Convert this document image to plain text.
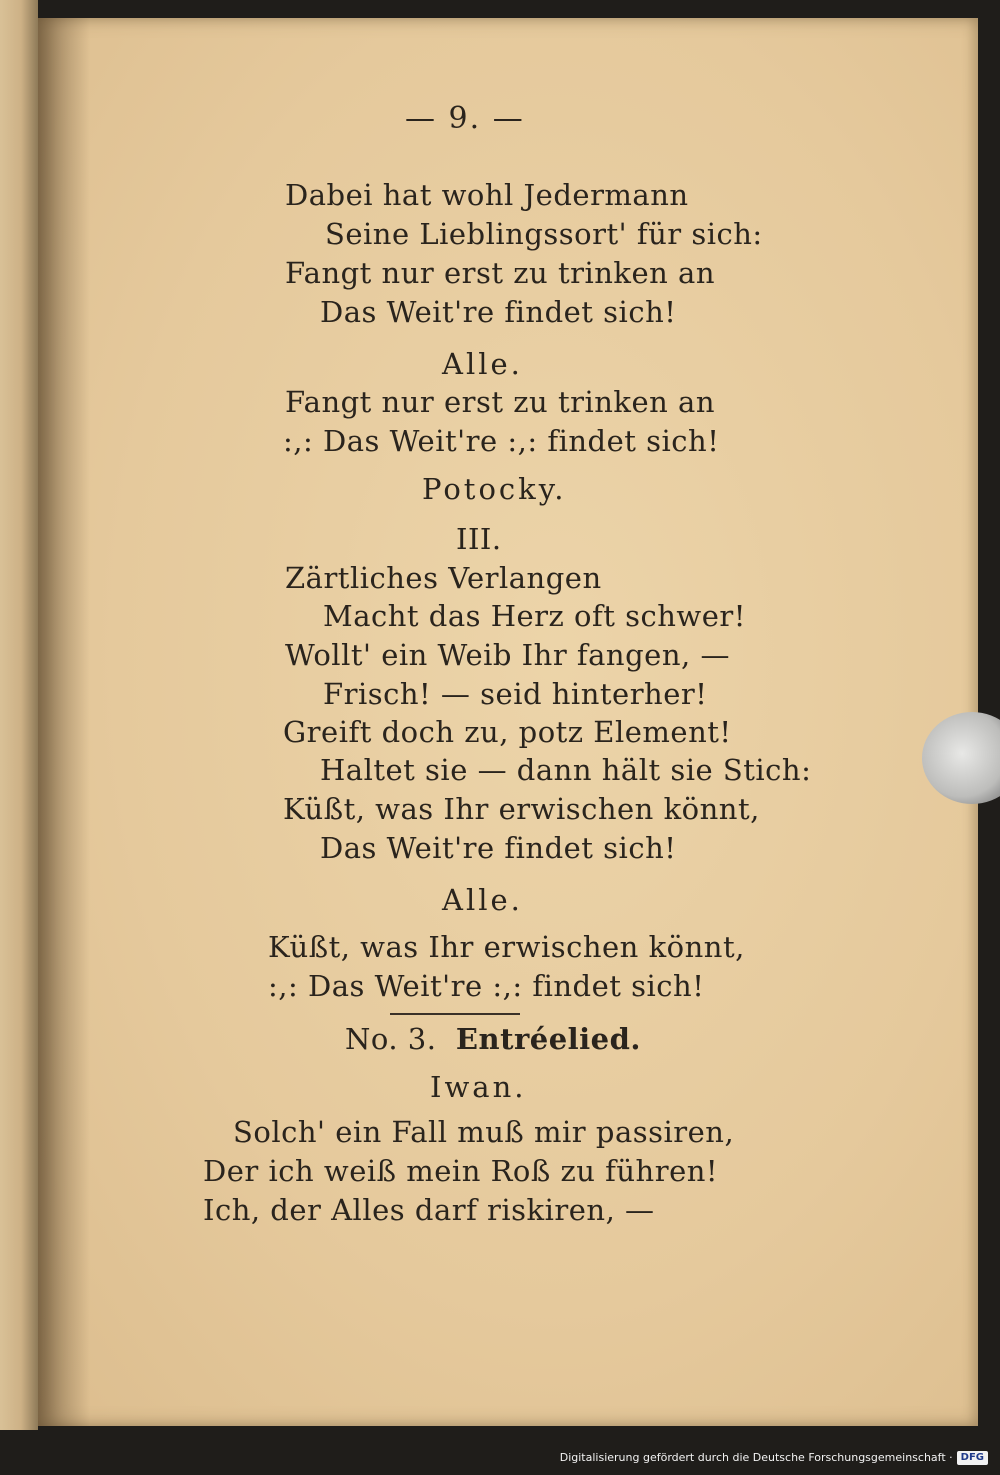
— 9. —

Dabei hat wohl Jedermann

Seine Lieblingssort' für sich:

Fangt nur erst zu trinken an

Das Weit're findet sich!

Alle.

Fangt nur erst zu trinken an

:,: Das Weit're :,: findet sich!

Potocky.

III.

Zärtliches Verlangen

Macht das Herz oft schwer!

Wollt' ein Weib Ihr fangen, —

Frisch! — seid hinterher!

Greift doch zu, potz Element!

Haltet sie — dann hält sie Stich:

Küßt, was Ihr erwischen könnt,

Das Weit're findet sich!

Alle.

Küßt, was Ihr erwischen könnt,

:,: Das Weit're :,: findet sich!

No. 3. Entréelied.

Iwan.

Solch' ein Fall muß mir passiren,

Der ich weiß mein Roß zu führen!

Ich, der Alles darf riskiren, —

Digitalisierung gefördert durch die Deutsche Forschungsgemeinschaft · DFG
